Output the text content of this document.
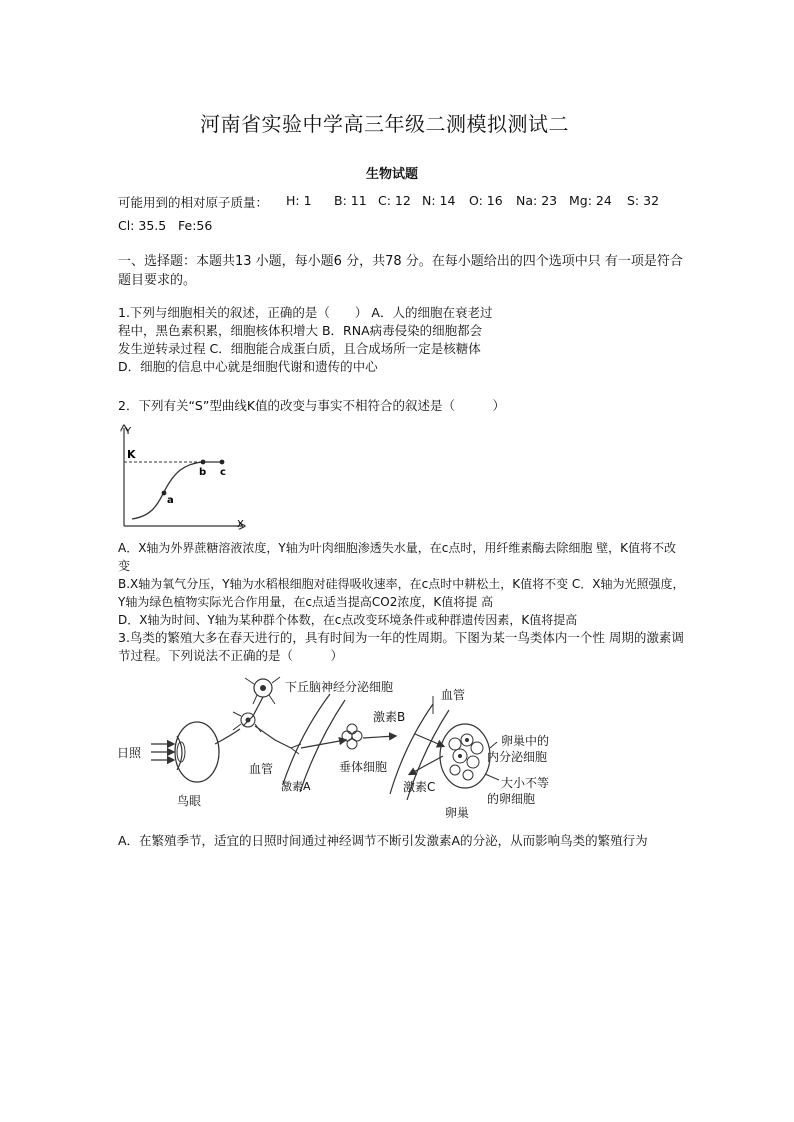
河南省实验中学高三年级二测模拟测试二
生物试题
可能用到的相对原子质量： H: 1 B: 11 C: 12 N: 14 O: 16 Na: 23 Mg: 24 S: 32
Cl: 35.5 Fe:56
一、选择题：本题共13 小题，每小题6 分，共78 分。在每小题给出的四个选项中只 有一项是符合题目要求的。
1.下列与细胞相关的叙述，正确的是（　　） A．人的细胞在衰老过程中，黑色素积累，细胞核体积增大 B．RNA病毒侵染的细胞都会发生逆转录过程 C．细胞能合成蛋白质，且合成场所一定是核糖体 D．细胞的信息中心就是细胞代谢和遗传的中心
2．下列有关“S”型曲线K值的改变与事实不相符合的叙述是（　　　）
Y
X
K
a
b c
A．X轴为外界蔗糖溶液浓度，Y轴为叶肉细胞渗透失水量，在c点时，用纤维素酶去除细胞 壁，K值将不改变
B.X轴为氧气分压，Y轴为水稻根细胞对硅得吸收速率，在c点时中耕松土，K值将不变 C．X轴为光照强度，Y轴为绿色植物实际光合作用量，在c点适当提高CO2浓度，K值将提 高
D．X轴为时间、Y轴为某种群个体数，在c点改变环境条件或种群遗传因素，K值将提高
3.鸟类的繁殖大多在春天进行的，具有时间为一年的性周期。下图为某一鸟类体内一个性 周期的激素调节过程。下列说法不正确的是（　　　）
日照
鸟眼
下丘脑神经分泌细胞
血管
激素A
垂体细胞
激素B
血管
激素C
卵巢
卵巢中的
内分泌细胞
大小不等
的卵细胞
A．在繁殖季节，适宜的日照时间通过神经调节不断引发激素A的分泌，从而影响鸟类的繁殖行为
